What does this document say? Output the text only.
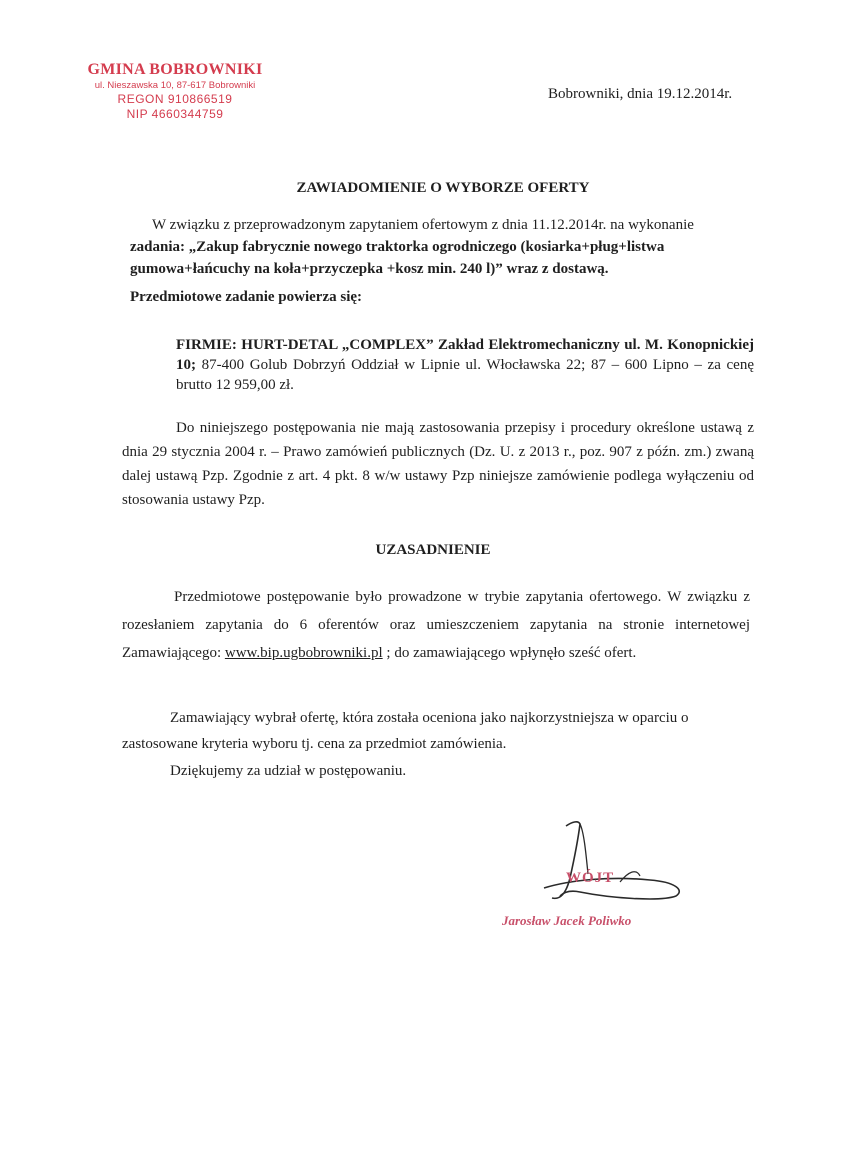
GMINA BOBROWNIKI
ul. Nieszawska 10, 87-617 Bobrowniki
REGON 910866519
NIP 4660344759
Bobrowniki, dnia 19.12.2014r.
ZAWIADOMIENIE O WYBORZE OFERTY
W związku z przeprowadzonym zapytaniem ofertowym z dnia 11.12.2014r. na wykonanie
zadania: „Zakup fabrycznie nowego traktorka ogrodniczego (kosiarka+pług+listwa gumowa+łańcuchy na koła+przyczepka +kosz min. 240 l)” wraz z dostawą.
Przedmiotowe zadanie powierza się:
FIRMIE: HURT-DETAL „COMPLEX” Zakład Elektromechaniczny ul. M. Konopnickiej 10; 87-400 Golub Dobrzyń Oddział w Lipnie ul. Włocławska 22; 87 – 600 Lipno – za cenę brutto 12 959,00 zł.
Do niniejszego postępowania nie mają zastosowania przepisy i procedury określone ustawą z dnia 29 stycznia 2004 r. – Prawo zamówień publicznych (Dz. U. z 2013 r., poz. 907 z późn. zm.) zwaną dalej ustawą Pzp. Zgodnie z art. 4 pkt. 8 w/w ustawy Pzp niniejsze zamówienie podlega wyłączeniu od stosowania ustawy Pzp.
UZASADNIENIE
Przedmiotowe postępowanie było prowadzone w trybie zapytania ofertowego. W związku z rozesłaniem zapytania do 6 oferentów oraz umieszczeniem zapytania na stronie internetowej Zamawiającego: www.bip.ugbobrowniki.pl ; do zamawiającego wpłynęło sześć ofert.
Zamawiający wybrał ofertę, która została oceniona jako najkorzystniejsza w oparciu o zastosowane kryteria wyboru tj. cena za przedmiot zamówienia.
Dziękujemy za udział w postępowaniu.
WÓJT
Jarosław Jacek Poliwko
